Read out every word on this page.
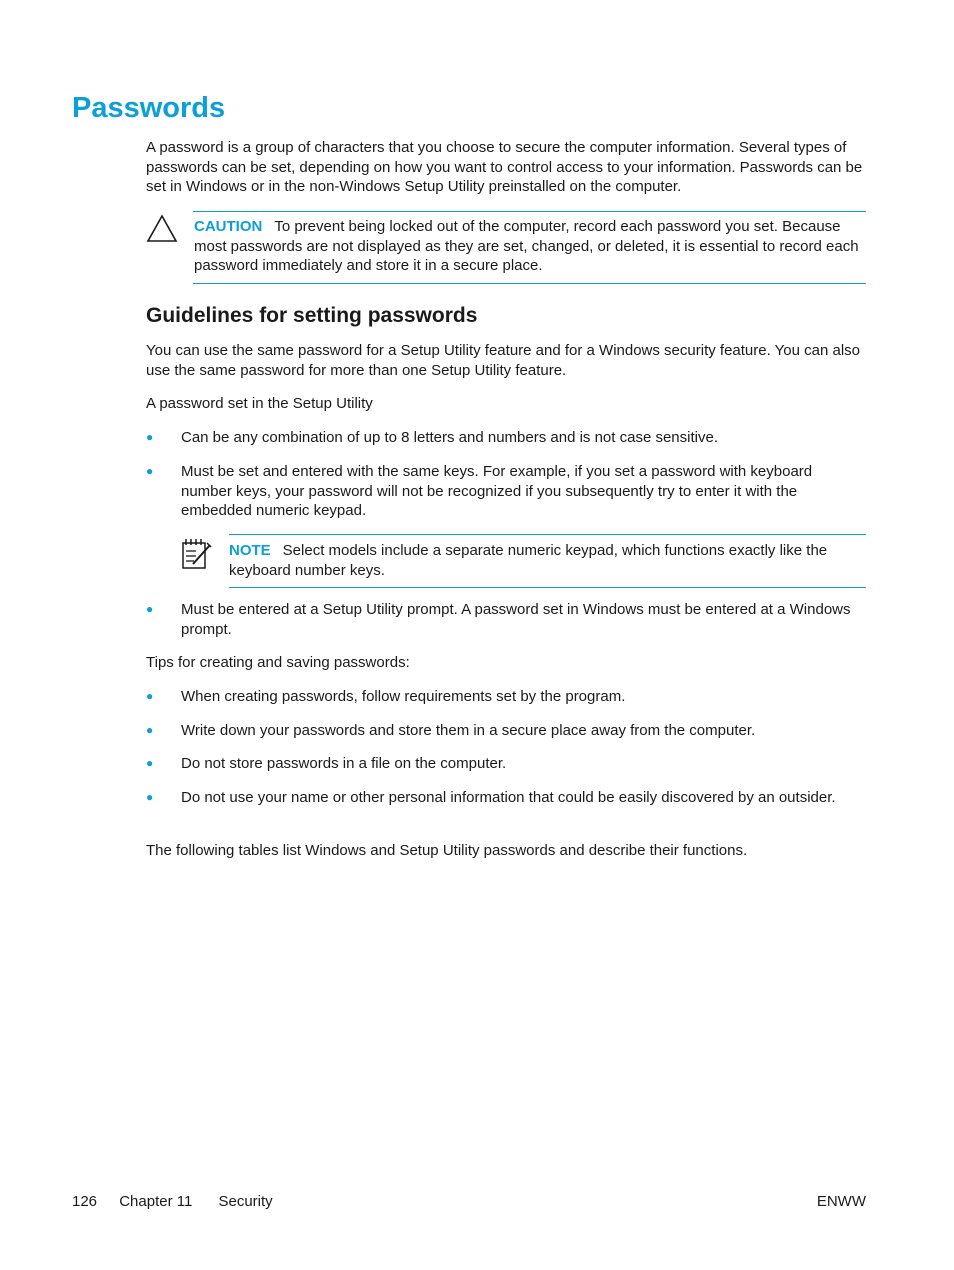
Passwords

A password is a group of characters that you choose to secure the computer information. Several types of passwords can be set, depending on how you want to control access to your information. Passwords can be set in Windows or in the non-Windows Setup Utility preinstalled on the computer.

CAUTION To prevent being locked out of the computer, record each password you set. Because most passwords are not displayed as they are set, changed, or deleted, it is essential to record each password immediately and store it in a secure place.

Guidelines for setting passwords

You can use the same password for a Setup Utility feature and for a Windows security feature. You can also use the same password for more than one Setup Utility feature.

A password set in the Setup Utility

● Can be any combination of up to 8 letters and numbers and is not case sensitive.

● Must be set and entered with the same keys. For example, if you set a password with keyboard number keys, your password will not be recognized if you subsequently try to enter it with the embedded numeric keypad.

NOTE Select models include a separate numeric keypad, which functions exactly like the keyboard number keys.

● Must be entered at a Setup Utility prompt. A password set in Windows must be entered at a Windows prompt.

Tips for creating and saving passwords:

● When creating passwords, follow requirements set by the program.

● Write down your passwords and store them in a secure place away from the computer.

● Do not store passwords in a file on the computer.

● Do not use your name or other personal information that could be easily discovered by an outsider.

The following tables list Windows and Setup Utility passwords and describe their functions.

126 Chapter 11 Security	ENWW
